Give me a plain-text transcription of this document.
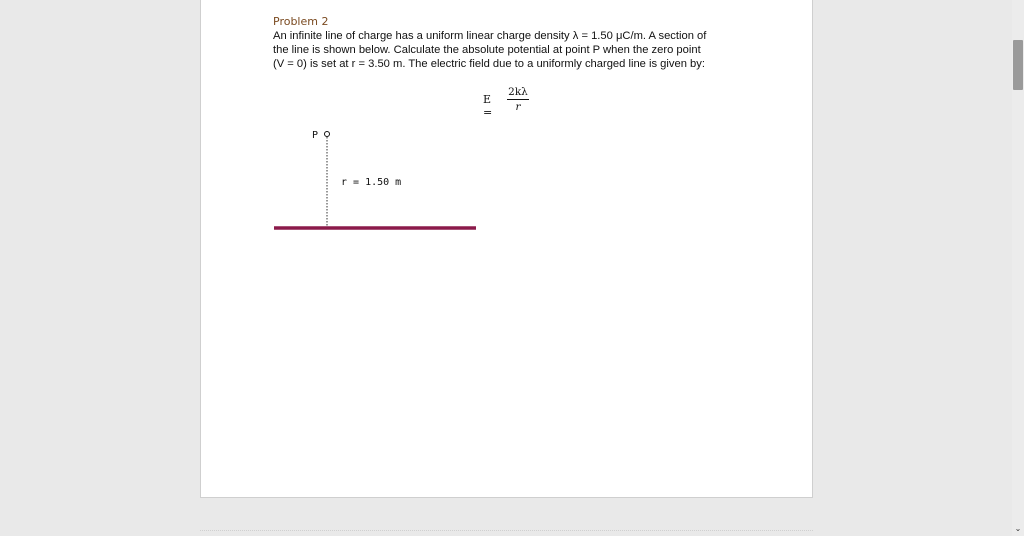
Problem 2
An infinite line of charge has a uniform linear charge density λ = 1.50 μC/m. A section of
the line is shown below. Calculate the absolute potential at point P when the zero point
(V = 0) is set at r = 3.50 m. The electric field due to a uniformly charged line is given by:
E =
2kλ
r
P
r = 1.50 m
⌄
